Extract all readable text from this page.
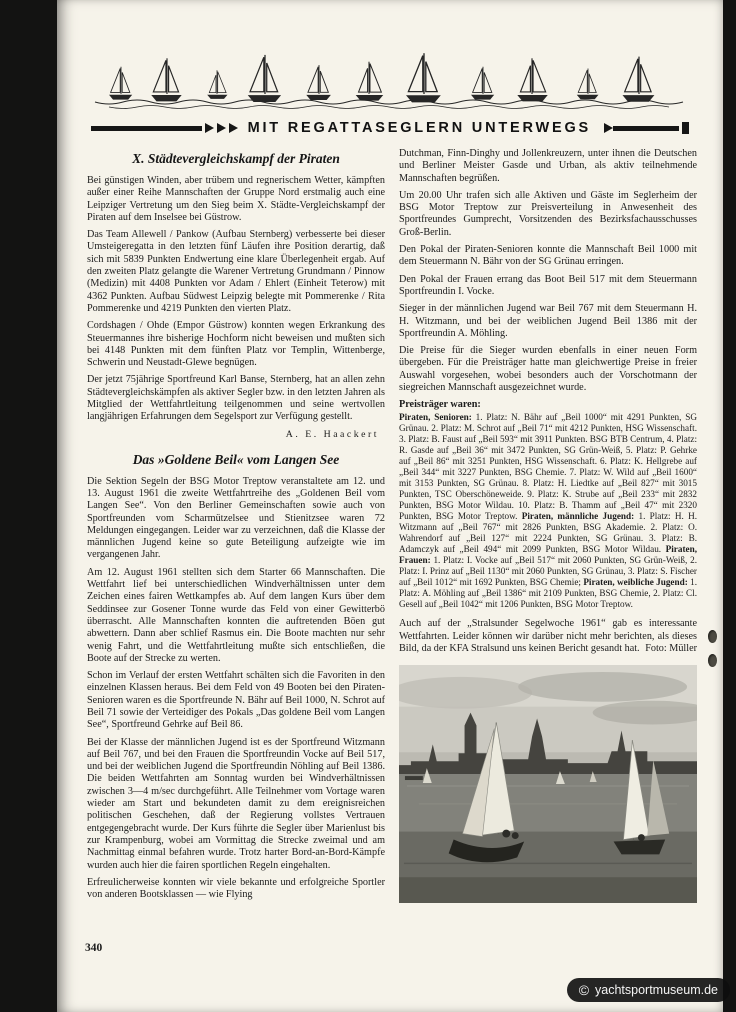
MIT REGATTASEGLERN UNTERWEGS
X. Städtevergleichskampf der Piraten

Bei günstigen Winden, aber trübem und regnerischem Wetter, kämpften außer einer Reihe Mannschaften der Gruppe Nord erstmalig auch eine Leipziger Vertretung um den Sieg beim X. Städte-Vergleichskampf der Piraten auf dem Inselsee bei Güstrow.

Das Team Allewell / Pankow (Aufbau Sternberg) verbesserte bei dieser Umsteigeregatta in den letzten fünf Läufen ihre Position derartig, daß sich mit 5839 Punkten Endwertung eine klare Überlegenheit ergab. Auf den zweiten Platz gelangte die Warener Vertretung Grundmann / Pinnow (Medizin) mit 4408 Punkten vor Adam / Ehlert (Einheit Teterow) mit 4362 Punkten. Aufbau Südwest Leipzig belegte mit Pommerenke / Rita Pommerenke und 4219 Punkten den vierten Platz.

Cordshagen / Ohde (Empor Güstrow) konnten wegen Erkrankung des Steuermannes ihre bisherige Hochform nicht beweisen und mußten sich bei 4148 Punkten mit dem fünften Platz vor Templin, Wittenberge, Schwerin und Neustadt-Glewe begnügen.

Der jetzt 75jährige Sportfreund Karl Banse, Sternberg, hat an allen zehn Städtevergleichskämpfen als aktiver Segler bzw. in den letzten Jahren als Mitglied der Wettfahrtleitung teilgenommen und seine wertvollen langjährigen Erfahrungen dem Segelsport zur Verfügung gestellt.

A. E. Haackert
Das »Goldene Beil« vom Langen See

Die Sektion Segeln der BSG Motor Treptow veranstaltete am 12. und 13. August 1961 die zweite Wettfahrtreihe des „Goldenen Beil vom Langen See“. Von den Berliner Gemeinschaften sowie auch von Sportfreunden vom Scharmützelsee und Stienitzsee waren 72 Meldungen eingegangen. Leider war zu verzeichnen, daß die Klasse der männlichen Jugend keine so gute Beteiligung aufzeigte wie im vergangenen Jahr.

Am 12. August 1961 stellten sich dem Starter 66 Mannschaften. Die Wettfahrt lief bei unterschiedlichen Windverhältnissen unter dem Zeichen eines fairen Wettkampfes ab. Auf dem langen Kurs über dem Seddinsee zur Gosener Tonne wurde das Feld von einer Gewitterbö überrascht. Alle Mannschaften konnten die auftretenden Böen gut abwettern. Dann aber schlief Rasmus ein. Die Boote machten nur sehr wenig Fahrt, und die Wettfahrtleitung mußte sich entschließen, die Boote auf der Strecke zu werten.

Schon im Verlauf der ersten Wettfahrt schälten sich die Favoriten in den einzelnen Klassen heraus. Bei dem Feld von 49 Booten bei den Piraten-Senioren waren es die Sportfreunde N. Bähr auf Beil 1000, N. Schrot auf Beil 71 sowie der Verteidiger des Pokals „Das goldene Beil vom Langen See“, Sportfreund Gehrke auf Beil 86.

Bei der Klasse der männlichen Jugend ist es der Sportfreund Witzmann auf Beil 767, und bei den Frauen die Sportfreundin Vocke auf Beil 517, und bei der weiblichen Jugend die Sportfreundin Nöhling auf Beil 1386. Die beiden Wettfahrten am Sonntag wurden bei Windverhältnissen zwischen 3—4 m/sec durchgeführt. Alle Teilnehmer vom Vortage waren wieder am Start und bekundeten damit zu dem ereignisreichen politischen Geschehen, daß der Regierung vollstes Vertrauen entgegengebracht wurde. Der Kurs führte die Segler über Marienlust bis zur Krampenburg, wobei am Vormittag die Strecke zweimal und am Nachmittag einmal befahren wurde. Trotz harter Bord-an-Bord-Kämpfe wurden auch hier die fairen sportlichen Regeln eingehalten.

Erfreulicherweise konnten wir viele bekannte und erfolgreiche Sportler von anderen Bootsklassen — wie Flying

Dutchman, Finn-Dinghy und Jollenkreuzern, unter ihnen die Deutschen und Berliner Meister Gasde und Urban, als aktiv teilnehmende Mannschaften begrüßen.

Um 20.00 Uhr trafen sich alle Aktiven und Gäste im Seglerheim der BSG Motor Treptow zur Preisverteilung in Anwesenheit des Sportfreundes Gumprecht, Vorsitzenden des Bezirksfachausschusses Groß-Berlin.

Den Pokal der Piraten-Senioren konnte die Mannschaft Beil 1000 mit dem Steuermann N. Bähr von der SG Grünau erringen.

Den Pokal der Frauen errang das Boot Beil 517 mit dem Steuermann Sportfreundin I. Vocke.

Sieger in der männlichen Jugend war Beil 767 mit dem Steuermann H. H. Witzmann, und bei der weiblichen Jugend Beil 1386 mit der Sportfreundin A. Möhling.

Die Preise für die Sieger wurden ebenfalls in einer neuen Form übergeben. Für die Preisträger hatte man gleichwertige Preise in freier Auswahl vorgesehen, wobei besonders auch der Vorschotmann der siegreichen Mannschaft ausgezeichnet wurde.

Preisträger waren:

Piraten, Senioren: 1. Platz: N. Bähr auf „Beil 1000“ mit 4291 Punkten, SG Grünau. 2. Platz: M. Schrot auf „Beil 71“ mit 4212 Punkten, HSG Wissenschaft. 3. Platz: B. Faust auf „Beil 593“ mit 3911 Punkten. BSG BTB Centrum, 4. Platz: R. Gasde auf „Beil 36“ mit 3472 Punkten, SG Grün-Weiß, 5. Platz: P. Gehrke auf „Beil 86“ mit 3251 Punkten, HSG Wissenschaft. 6. Platz: K. Hellgrebe auf „Beil 344“ mit 3227 Punkten, BSG Chemie. 7. Platz: W. Wild auf „Beil 1600“ mit 3153 Punkten, SG Grünau. 8. Platz: H. Liedtke auf „Beil 827“ mit 3015 Punkten, TSC Oberschöneweide. 9. Platz: K. Strube auf „Beil 233“ mit 2832 Punkten, BSG Motor Wildau. 10. Platz: B. Thamm auf „Beil 47“ mit 2320 Punkten, BSG Motor Treptow. Piraten, männliche Jugend: 1. Platz: H. H. Witzmann auf „Beil 767“ mit 2826 Punkten, BSG Akademie. 2. Platz: O. Wahrendorf auf „Beil 127“ mit 2224 Punkten, SG Grünau. 3. Platz: B. Adamczyk auf „Beil 494“ mit 2099 Punkten, BSG Motor Wildau. Piraten, Frauen: 1. Platz: I. Vocke auf „Beil 517“ mit 2060 Punkten, SG Grün-Weiß, 2. Platz: I. Prinz auf „Beil 1130“ mit 2060 Punkten, SG Grünau, 3. Platz: S. Fischer auf „Beil 1012“ mit 1692 Punkten, BSG Chemie; Piraten, weibliche Jugend: 1. Platz: A. Möhling auf „Beil 1386“ mit 2109 Punkten, BSG Chemie, 2. Platz: Cl. Gesell auf „Beil 1042“ mit 1206 Punkten, BSG Motor Treptow.

Auch auf der „Stralsunder Segelwoche 1961“ gab es interessante Wettfahrten. Leider können wir darüber nicht mehr berichten, als dieses Bild, da der KFA Stralsund uns keinen Bericht gesandt hat. Foto: Müller

340
© yachtsportmuseum.de
